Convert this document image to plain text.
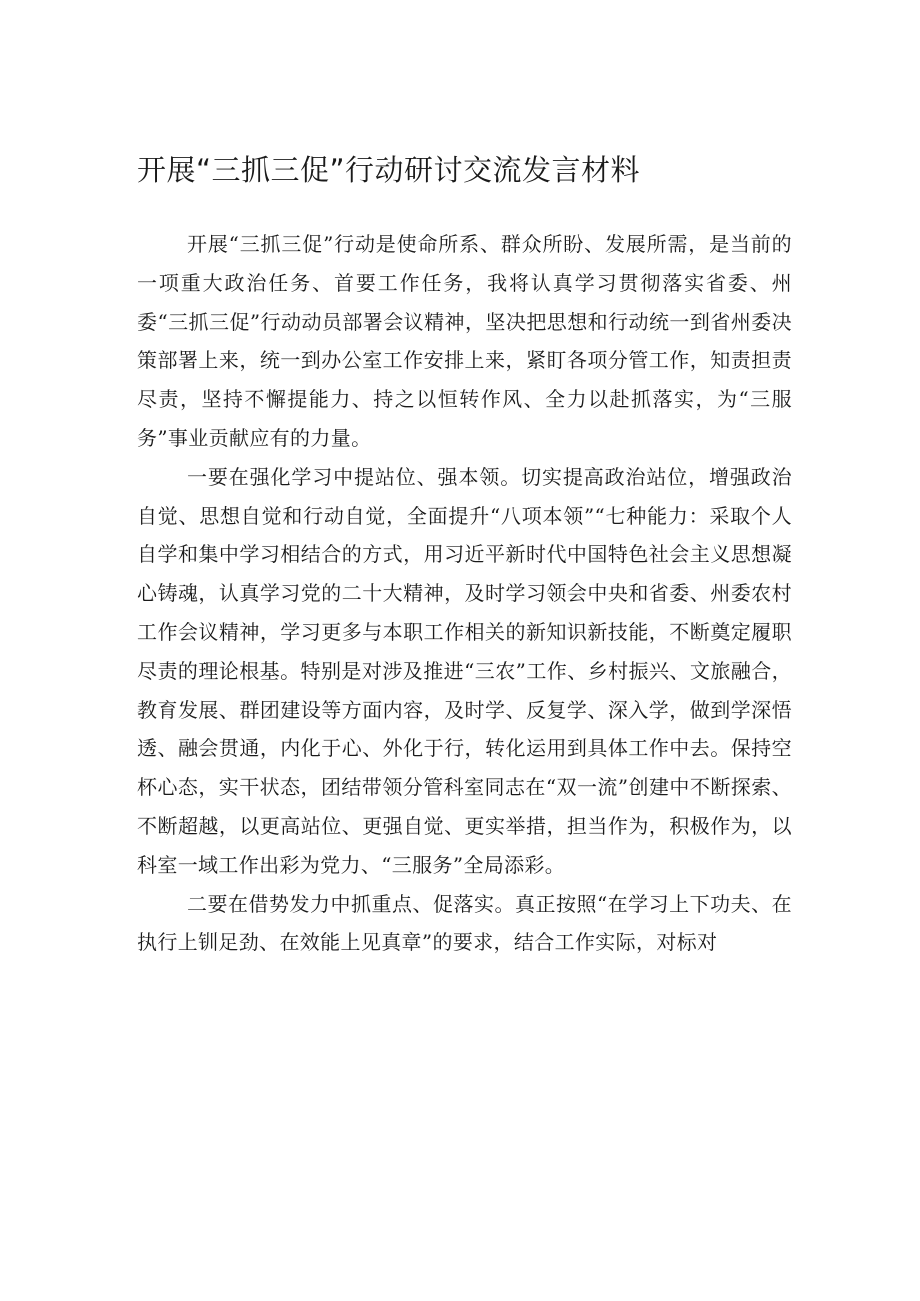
开展“三抓三促”行动研讨交流发言材料

开展“三抓三促”行动是使命所系、群众所盼、发展所需，是当前的一项重大政治任务、首要工作任务，我将认真学习贯彻落实省委、州委“三抓三促”行动动员部署会议精神，坚决把思想和行动统一到省州委决策部署上来，统一到办公室工作安排上来，紧盯各项分管工作，知责担责尽责，坚持不懈提能力、持之以恒转作风、全力以赴抓落实，为“三服务”事业贡献应有的力量。

一要在强化学习中提站位、强本领。切实提高政治站位，增强政治自觉、思想自觉和行动自觉，全面提升“八项本领”“七种能力：采取个人自学和集中学习相结合的方式，用习近平新时代中国特色社会主义思想凝心铸魂，认真学习党的二十大精神，及时学习领会中央和省委、州委农村工作会议精神，学习更多与本职工作相关的新知识新技能，不断奠定履职尽责的理论根基。特别是对涉及推进“三农”工作、乡村振兴、文旅融合，教育发展、群团建设等方面内容，及时学、反复学、深入学，做到学深悟透、融会贯通，内化于心、外化于行，转化运用到具体工作中去。保持空杯心态，实干状态，团结带领分管科室同志在“双一流”创建中不断探索、不断超越，以更高站位、更强自觉、更实举措，担当作为，积极作为，以科室一域工作出彩为党力、“三服务”全局添彩。

二要在借势发力中抓重点、促落实。真正按照“在学习上下功夫、在执行上钏足劲、在效能上见真章”的要求，结合工作实际，对标对
